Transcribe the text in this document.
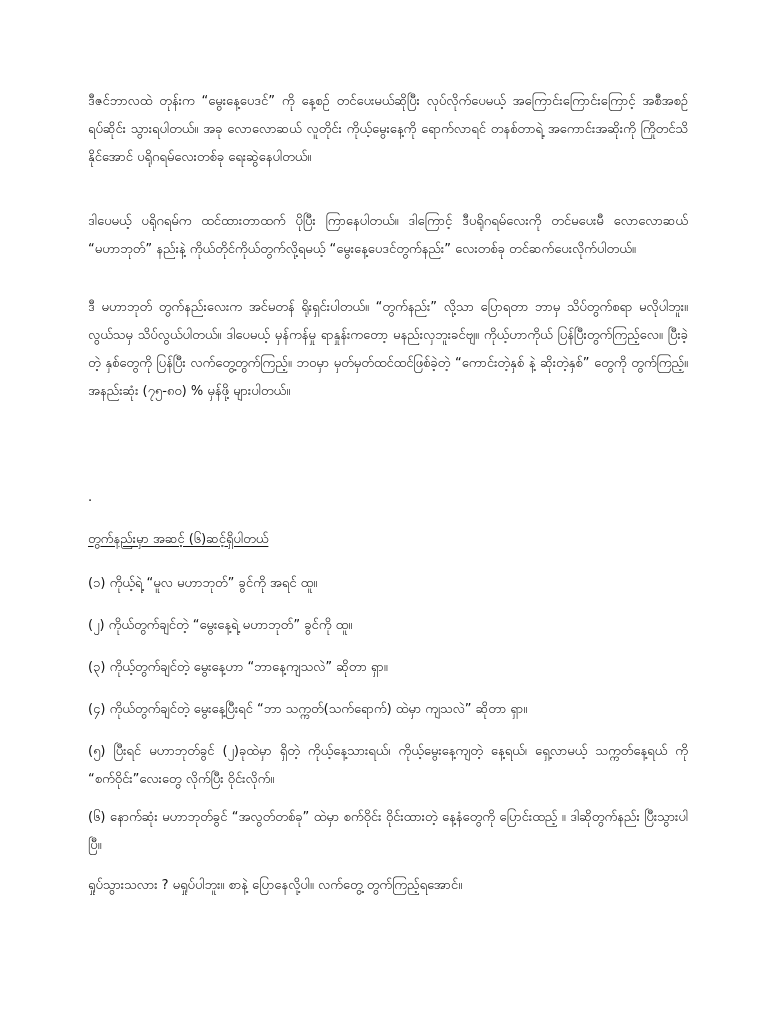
ဒီဇင်ဘာလထဲ တုန်းက “မွေးနေ့ပေဒင်” ကို နေ့စဉ် တင်ပေးမယ်ဆိုပြီး လုပ်လိုက်ပေမယ့် အကြောင်းကြောင်းကြောင့် အစီအစဉ် ရပ်ဆိုင်း သွားရပါတယ်။ အခု လောလောဆယ် လူတိုင်း ကိုယ့်မွေးနေ့ကို ရောက်လာရင် တနစ်တာရဲ့ အကောင်းအဆိုးကို ကြိုတင်သိနိုင်အောင် ပရိုဂရမ်လေးတစ်ခု ရေးဆွဲနေပါတယ်။

ဒါပေမယ့် ပရိုဂရမ်က ထင်ထားတာထက် ပိုပြီး ကြာနေပါတယ်။ ဒါကြောင့် ဒီပရိုဂရမ်လေးကို တင်မပေးမီ လောလောဆယ် “မဟာဘုတ်” နည်းနဲ့ ကိုယ်တိုင်ကိုယ်တွက်လို့ရမယ့် “မွေးနေ့ပေဒင်တွက်နည်း” လေးတစ်ခု တင်ဆက်ပေးလိုက်ပါတယ်။

ဒီ မဟာဘုတ် တွက်နည်းလေးက အင်မတန် ရိုးရှင်းပါတယ်။ “တွက်နည်း” လို့သာ ပြောရတာ ဘာမှ သိပ်တွက်စရာ မလိုပါဘူး။ လွယ်သမှ သိပ်လွယ်ပါတယ်။ ဒါပေမယ့် မှန်ကန်မှု ရာနှုန်းကတော့ မနည်းလှဘူးခင်ဗျ။ ကိုယ့်ဟာကိုယ် ပြန်ပြီးတွက်ကြည့်လေ။ ပြီးခဲ့တဲ့ နှစ်တွေကို ပြန်ပြီး လက်တွေ့တွက်ကြည့်။ ဘဝမှာ မှတ်မှတ်ထင်ထင်ဖြစ်ခဲ့တဲ့ “ကောင်းတဲ့နှစ် နဲ့ ဆိုးတဲ့နှစ်” တွေကို တွက်ကြည့်။ အနည်းဆုံး (၇၅-၈၀) % မှန်ဖို့ များပါတယ်။

.
တွက်နည်းမှာ အဆင့် (၆)ဆင့်ရှိပါတယ်

(၁) ကိုယ့်ရဲ့ “မူလ မဟာဘုတ်” ခွင်ကို အရင် ထူ။

(၂) ကိုယ်တွက်ချင်တဲ့ “မွေးနေ့ရဲ့ မဟာဘုတ်” ခွင်ကို ထူ။

(၃) ကိုယ့်တွက်ချင်တဲ့ မွေးနေ့ဟာ “ဘာနေ့ကျသလဲ” ဆိုတာ ရှာ။

(၄) ကိုယ်တွက်ချင်တဲ့ မွေးနေ့ပြီးရင် “ဘာ သက္ကတ်(သက်ရောက်) ထဲမှာ ကျသလဲ” ဆိုတာ ရှာ။

(၅) ပြီးရင် မဟာဘုတ်ခွင် (၂)ခုထဲမှာ ရှိတဲ့ ကိုယ့်နေ့သားရယ်၊ ကိုယ့်မွေးနေ့ကျတဲ့ နေ့ရယ်၊ ရှေ့လာမယ့် သက္ကတ်နေ့ရယ် ကို “စက်ဝိုင်း”လေးတွေ လိုက်ပြီး ဝိုင်းလိုက်။

(၆) နောက်ဆုံး မဟာဘုတ်ခွင် “အလွတ်တစ်ခု” ထဲမှာ စက်ဝိုင်း ဝိုင်းထားတဲ့ နေ့နံတွေကို ပြောင်းထည့် ။ ဒါဆိုတွက်နည်း ပြီးသွားပါပြီ။

ရှုပ်သွားသလား ? မရှုပ်ပါဘူး။ စာနဲ့ ပြောနေလို့ပါ။ လက်တွေ့ တွက်ကြည့်ရအောင်။
